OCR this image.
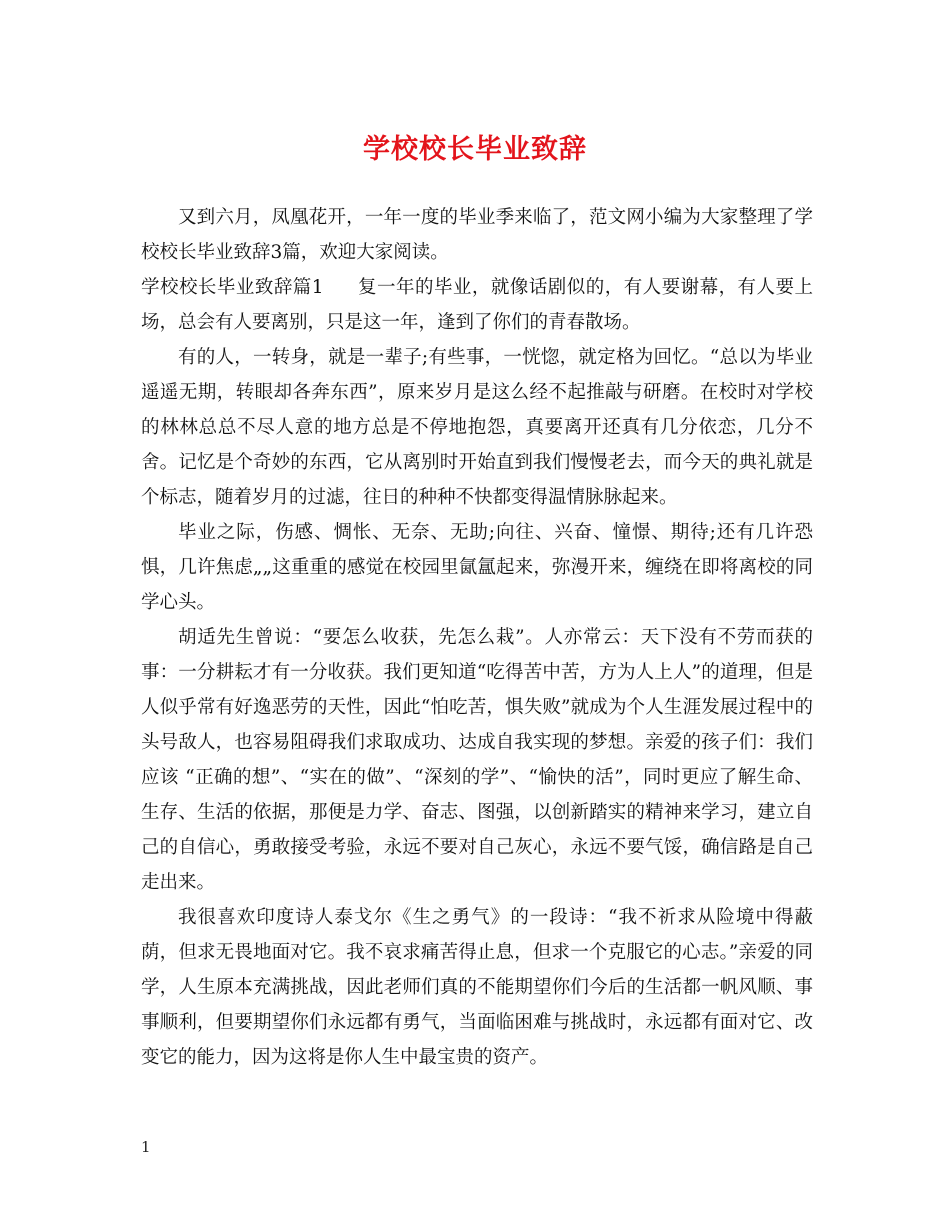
学校校长毕业致辞

又到六月，凤凰花开，一年一度的毕业季来临了，范文网小编为大家整理了学校校长毕业致辞3篇，欢迎大家阅读。

学校校长毕业致辞篇1 复一年的毕业，就像话剧似的，有人要谢幕，有人要上场，总会有人要离别，只是这一年，逢到了你们的青春散场。

有的人，一转身，就是一辈子;有些事，一恍惚，就定格为回忆。“总以为毕业遥遥无期，转眼却各奔东西”，原来岁月是这么经不起推敲与研磨。在校时对学校的林林总总不尽人意的地方总是不停地抱怨，真要离开还真有几分依恋，几分不舍。记忆是个奇妙的东西，它从离别时开始直到我们慢慢老去，而今天的典礼就是个标志，随着岁月的过滤，往日的种种不快都变得温情脉脉起来。

毕业之际，伤感、惆怅、无奈、无助;向往、兴奋、憧憬、期待;还有几许恐惧，几许焦虑„„这重重的感觉在校园里氤氲起来，弥漫开来，缠绕在即将离校的同学心头。

胡适先生曾说：“要怎么收获，先怎么栽”。人亦常云：天下没有不劳而获的事：一分耕耘才有一分收获。我们更知道“吃得苦中苦，方为人上人”的道理，但是人似乎常有好逸恶劳的天性，因此“怕吃苦，惧失败”就成为个人生涯发展过程中的头号敌人，也容易阻碍我们求取成功、达成自我实现的梦想。亲爱的孩子们：我们应该 “正确的想”、“实在的做”、“深刻的学”、“愉快的活”，同时更应了解生命、生存、生活的依据，那便是力学、奋志、图强，以创新踏实的精神来学习，建立自己的自信心，勇敢接受考验，永远不要对自己灰心，永远不要气馁，确信路是自己走出来。

我很喜欢印度诗人泰戈尔《生之勇气》的一段诗：“我不祈求从险境中得蔽荫，但求无畏地面对它。我不哀求痛苦得止息，但求一个克服它的心志。”亲爱的同学，人生原本充满挑战，因此老师们真的不能期望你们今后的生活都一帆风顺、事事顺利，但要期望你们永远都有勇气，当面临困难与挑战时，永远都有面对它、改变它的能力，因为这将是你人生中最宝贵的资产。

1
